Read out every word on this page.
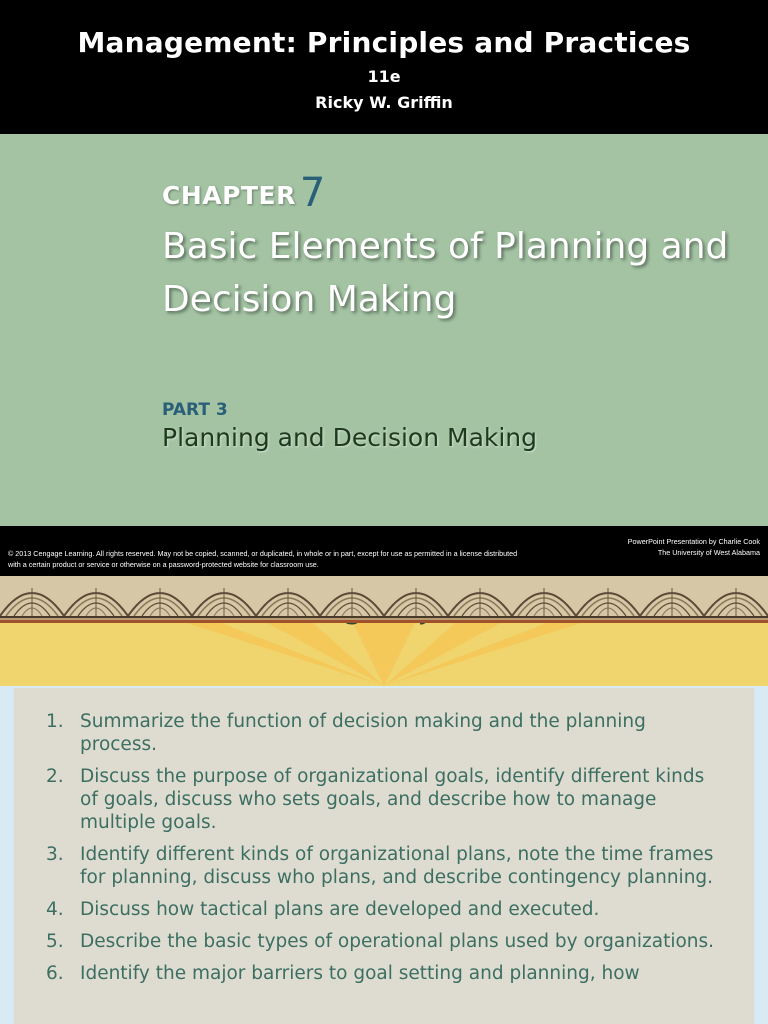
Management: Principles and Practices
11e
Ricky W. Griffin
CHAPTER 7
Basic Elements of Planning and Decision Making
PART 3
Planning and Decision Making
© 2013 Cengage Learning. All rights reserved. May not be copied, scanned, or duplicated, in whole or in part, except for use as permitted in a license distributed with a certain product or service or otherwise on a password-protected website for classroom use.
PowerPoint Presentation by Charlie Cook
The University of West Alabama
1. Summarize the function of decision making and the planning process.
2. Discuss the purpose of organizational goals, identify different kinds of goals, discuss who sets goals, and describe how to manage multiple goals.
3. Identify different kinds of organizational plans, note the time frames for planning, discuss who plans, and describe contingency planning.
4. Discuss how tactical plans are developed and executed.
5. Describe the basic types of operational plans used by organizations.
6. Identify the major barriers to goal setting and planning, how
